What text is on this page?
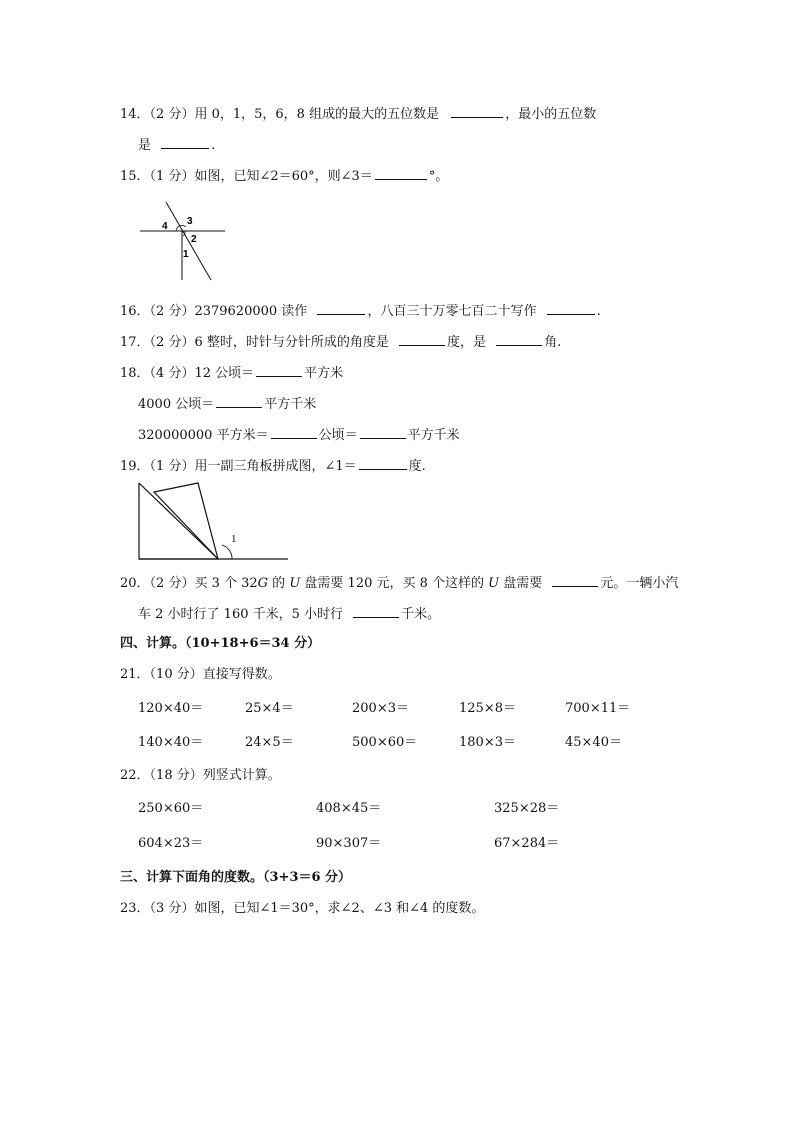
14．（2 分）用 0，1，5，6，8 组成的最大的五位数是	，最小的五位数
是	.
15．（1 分）如图，已知∠2＝60°，则∠3＝	°。
4 3
2
1
16．（2 分）2379620000 读作	，八百三十万零七百二十写作	.
17．（2 分）6 整时，时针与分针所成的角度是	度，是	角.
18．（4 分）12 公顷＝	平方米
4000 公顷＝	平方千米
320000000 平方米＝	公顷＝	平方千米
19．（1 分）用一副三角板拼成图，∠1＝	度.
1
20．（2 分）买 3 个 32G 的 U 盘需要 120 元，买 8 个这样的 U 盘需要	元。一辆小汽
车 2 小时行了 160 千米，5 小时行	千米。
四、计算。（10+18+6＝34 分）
21．（10 分）直接写得数。
120×40＝	25×4＝	200×3＝	125×8＝	700×11＝
140×40＝	24×5＝	500×60＝	180×3＝	45×40＝
22．（18 分）列竖式计算。
250×60＝	408×45＝	325×28＝
604×23＝	90×307＝	67×284＝
三、计算下面角的度数。（3+3＝6 分）
23．（3 分）如图，已知∠1＝30°，求∠2、∠3 和∠4 的度数。
